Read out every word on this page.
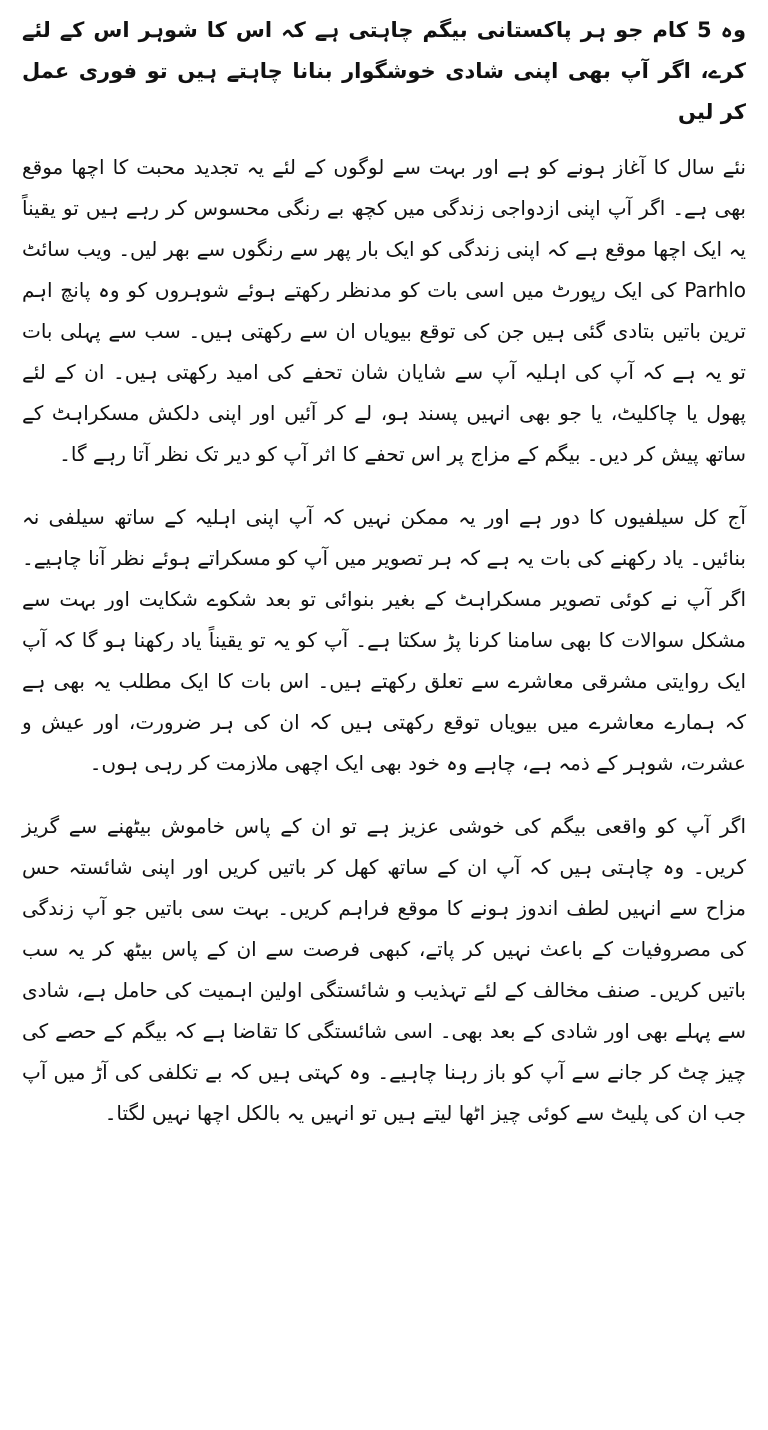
وہ 5 کام جو ہر پاکستانی بیگم چاہتی ہے کہ اس کا شوہر اس کے لئے کرے، اگر آپ بھی اپنی شادی خوشگوار بنانا چاہتے ہیں تو فوری عمل کر لیں

نئے سال کا آغاز ہونے کو ہے اور بہت سے لوگوں کے لئے یہ تجدید محبت کا اچھا موقع بھی ہے۔ اگر آپ اپنی ازدواجی زندگی میں کچھ بے رنگی محسوس کر رہے ہیں تو یقیناً یہ ایک اچھا موقع ہے کہ اپنی زندگی کو ایک بار پھر سے رنگوں سے بھر لیں۔ ویب سائٹ Parhlo کی ایک رپورٹ میں اسی بات کو مدنظر رکھتے ہوئے شوہروں کو وہ پانچ اہم ترین باتیں بتادی گئی ہیں جن کی توقع بیویاں ان سے رکھتی ہیں۔ سب سے پہلی بات تو یہ ہے کہ آپ کی اہلیہ آپ سے شایان شان تحفے کی امید رکھتی ہیں۔ ان کے لئے پھول یا چاکلیٹ، یا جو بھی انہیں پسند ہو، لے کر آئیں اور اپنی دلکش مسکراہٹ کے ساتھ پیش کر دیں۔ بیگم کے مزاج پر اس تحفے کا اثر آپ کو دیر تک نظر آتا رہے گا۔

آج کل سیلفیوں کا دور ہے اور یہ ممکن نہیں کہ آپ اپنی اہلیہ کے ساتھ سیلفی نہ بنائیں۔ یاد رکھنے کی بات یہ ہے کہ ہر تصویر میں آپ کو مسکراتے ہوئے نظر آنا چاہیے۔ اگر آپ نے کوئی تصویر مسکراہٹ کے بغیر بنوائی تو بعد شکوے شکایت اور بہت سے مشکل سوالات کا بھی سامنا کرنا پڑ سکتا ہے۔ آپ کو یہ تو یقیناً یاد رکھنا ہو گا کہ آپ ایک روایتی مشرقی معاشرے سے تعلق رکھتے ہیں۔ اس بات کا ایک مطلب یہ بھی ہے کہ ہمارے معاشرے میں بیویاں توقع رکھتی ہیں کہ ان کی ہر ضرورت، اور عیش و عشرت، شوہر کے ذمہ ہے، چاہے وہ خود بھی ایک اچھی ملازمت کر رہی ہوں۔

اگر آپ کو واقعی بیگم کی خوشی عزیز ہے تو ان کے پاس خاموش بیٹھنے سے گریز کریں۔ وہ چاہتی ہیں کہ آپ ان کے ساتھ کھل کر باتیں کریں اور اپنی شائستہ حس مزاح سے انہیں لطف اندوز ہونے کا موقع فراہم کریں۔ بہت سی باتیں جو آپ زندگی کی مصروفیات کے باعث نہیں کر پاتے، کبھی فرصت سے ان کے پاس بیٹھ کر یہ سب باتیں کریں۔ صنف مخالف کے لئے تہذیب و شائستگی اولین اہمیت کی حامل ہے، شادی سے پہلے بھی اور شادی کے بعد بھی۔ اسی شائستگی کا تقاضا ہے کہ بیگم کے حصے کی چیز چٹ کر جانے سے آپ کو باز رہنا چاہیے۔ وہ کہتی ہیں کہ بے تکلفی کی آڑ میں آپ جب ان کی پلیٹ سے کوئی چیز اٹھا لیتے ہیں تو انہیں یہ بالکل اچھا نہیں لگتا۔
